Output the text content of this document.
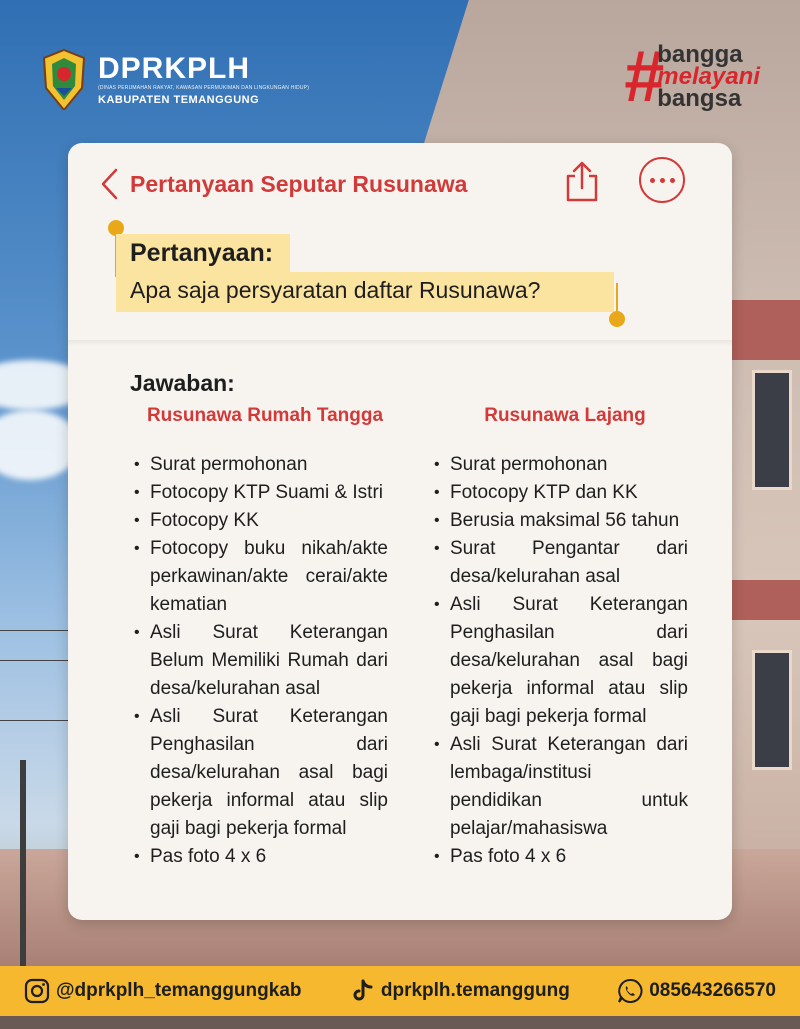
DPRKPLH
(DINAS PERUMAHAN RAKYAT, KAWASAN PERMUKIMAN DAN LINGKUNGAN HIDUP)
KABUPATEN TEMANGGUNG	#
bangga
melayani
bangsa
Pertanyaan Seputar Rusunawa
Pertanyaan:
Apa saja persyaratan daftar Rusunawa?
Jawaban:
Rusunawa Rumah Tangga
• Surat permohonan
• Fotocopy KTP Suami & Istri
• Fotocopy KK
• Fotocopy buku nikah/akte perkawinan/akte cerai/akte kematian
• Asli Surat Keterangan Belum Memiliki Rumah dari desa/kelurahan asal
• Asli Surat Keterangan Penghasilan dari desa/kelurahan asal bagi pekerja informal atau slip gaji bagi pekerja formal
• Pas foto 4 x 6
Rusunawa Lajang
• Surat permohonan
• Fotocopy KTP dan KK
• Berusia maksimal 56 tahun
• Surat Pengantar dari desa/kelurahan asal
• Asli Surat Keterangan Penghasilan dari desa/kelurahan asal bagi pekerja informal atau slip gaji bagi pekerja formal
• Asli Surat Keterangan dari lembaga/institusi pendidikan untuk pelajar/mahasiswa
• Pas foto 4 x 6
@dprkplh_temanggungkab	dprkplh.temanggung	085643266570
